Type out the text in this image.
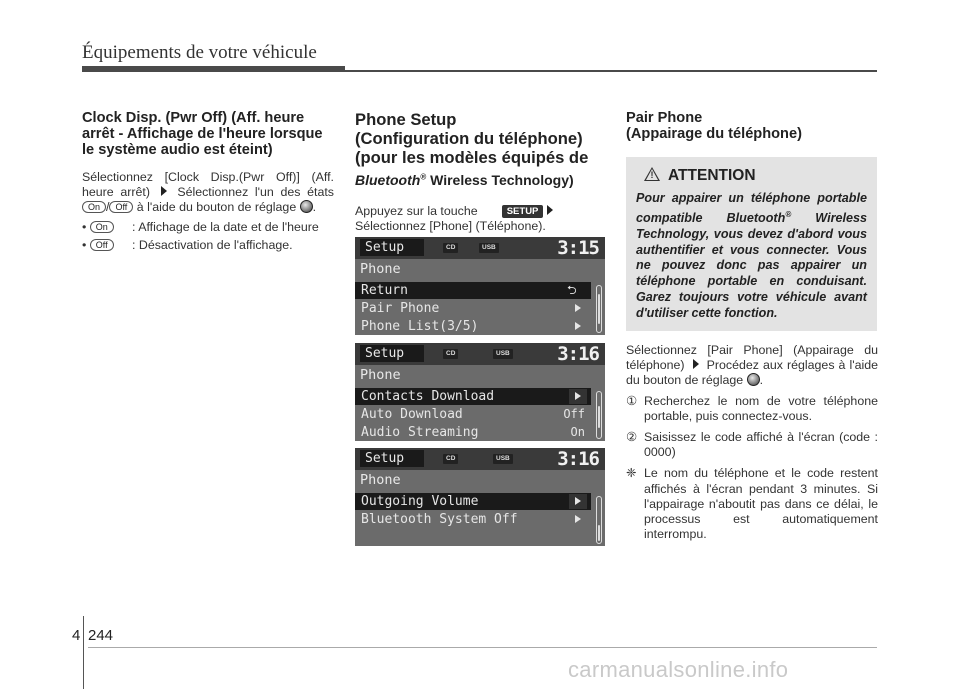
Équipements de votre véhicule
Clock Disp. (Pwr Off) (Aff. heure arrêt - Affichage de l'heure lorsque le système audio est éteint)

Sélectionnez [Clock Disp.(Pwr Off)] (Aff. heure arrêt) Sélectionnez l'un des états On / Off à l'aide du bouton de réglage .

• On	: Affichage de la date et de l'heure
• Off	: Désactivation de l'affichage.
Phone Setup
(Configuration du téléphone)
(pour les modèles équipés de
Bluetooth® Wireless Technology)

Appuyez sur la touche	SETUP
Sélectionnez [Phone] (Téléphone).

Setup	CD	USB	3:15
Phone
Return	⮌
Pair Phone
Phone List(3/5)
Setup	CD	USB	3:16
Phone
Contacts Download
Auto Download	Off
Audio Streaming	On
Setup	CD	USB	3:16
Phone
Outgoing Volume
Bluetooth System Off
Pair Phone
(Appairage du téléphone)
! ATTENTION
Pour appairer un téléphone portable compatible Bluetooth® Wireless Technology, vous devez d'abord vous authentifier et vous connecter. Vous ne pouvez donc pas appairer un téléphone portable en conduisant. Garez toujours votre véhicule avant d'utiliser cette fonction.

Sélectionnez [Pair Phone] (Appairage du téléphone) Procédez aux réglages à l'aide du bouton de réglage .

① Recherchez le nom de votre téléphone portable, puis connectez-vous.
② Saisissez le code affiché à l'écran (code : 0000)
❈ Le nom du téléphone et le code restent affichés à l'écran pendant 3 minutes. Si l'appairage n'aboutit pas dans ce délai, le processus est automatiquement interrompu.
4 244
carmanualsonline.info
